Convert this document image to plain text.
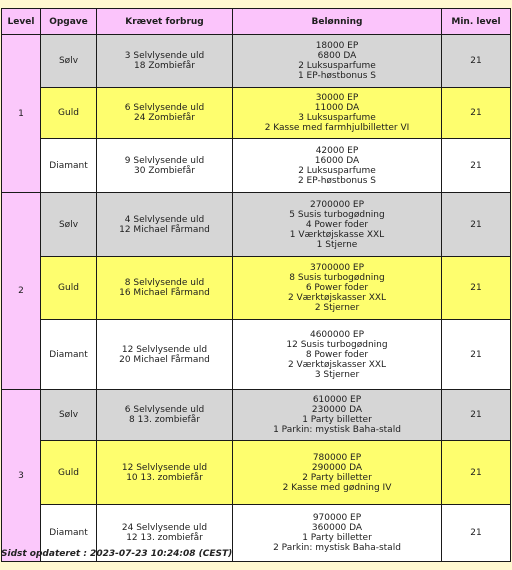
Level	Opgave	Krævet forbrug	Belønning	Min. level
1	Sølv	3 Selvlysende uld
18 Zombiefår	18000 EP
6800 DA
2 Luksusparfume
1 EP-høstbonus S	21
	Guld	6 Selvlysende uld
24 Zombiefår	30000 EP
11000 DA
3 Luksusparfume
2 Kasse med farmhjulbilletter VI	21
	Diamant	9 Selvlysende uld
30 Zombiefår	42000 EP
16000 DA
2 Luksusparfume
2 EP-høstbonus S	21
2	Sølv	4 Selvlysende uld
12 Michael Fårmand	2700000 EP
5 Susis turbogødning
4 Power foder
1 Værktøjskasse XXL
1 Stjerne	21
	Guld	8 Selvlysende uld
16 Michael Fårmand	3700000 EP
8 Susis turbogødning
6 Power foder
2 Værktøjskasser XXL
2 Stjerner	21
	Diamant	12 Selvlysende uld
20 Michael Fårmand	4600000 EP
12 Susis turbogødning
8 Power foder
2 Værktøjskasser XXL
3 Stjerner	21
3	Sølv	6 Selvlysende uld
8 13. zombiefår	610000 EP
230000 DA
1 Party billetter
1 Parkin: mystisk Baha-stald	21
	Guld	12 Selvlysende uld
10 13. zombiefår	780000 EP
290000 DA
2 Party billetter
2 Kasse med gødning IV	21
	Diamant	24 Selvlysende uld
12 13. zombiefår	970000 EP
360000 DA
1 Party billetter
2 Parkin: mystisk Baha-stald	21
Sidst opdateret : 2023-07-23 10:24:08 (CEST)
